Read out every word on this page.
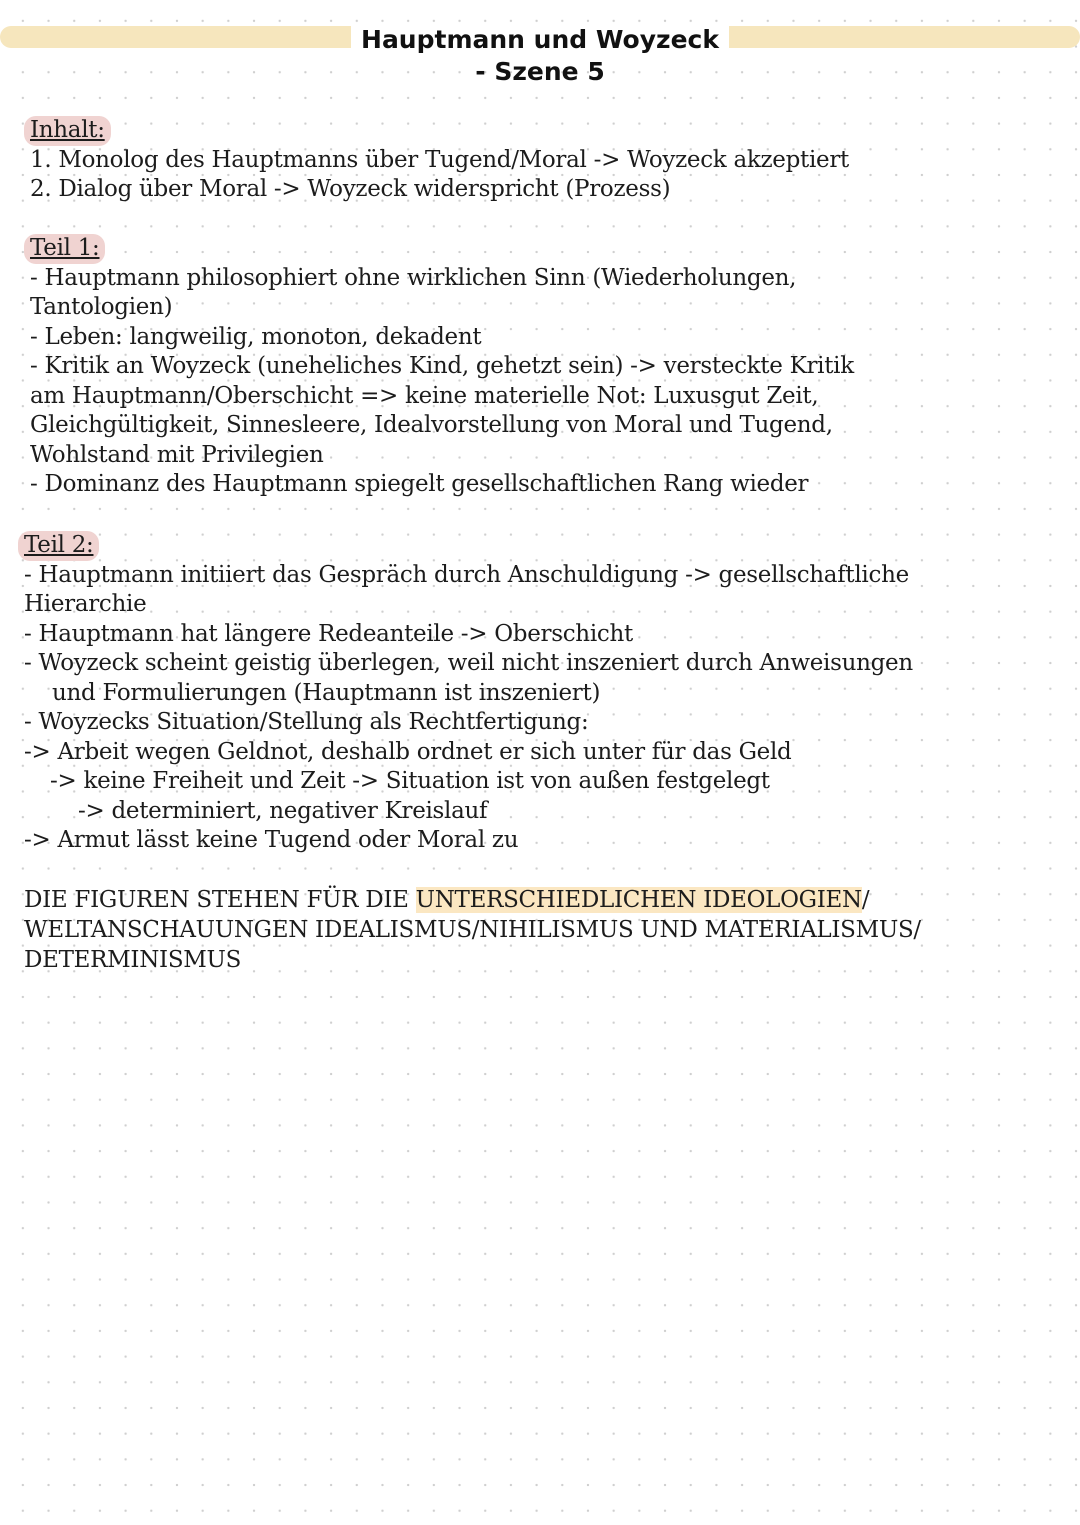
Hauptmann und Woyzeck
- Szene 5
Inhalt:
1. Monolog des Hauptmanns über Tugend/Moral -> Woyzeck akzeptiert
2. Dialog über Moral -> Woyzeck widerspricht (Prozess)
Teil 1:
- Hauptmann philosophiert ohne wirklichen Sinn (Wiederholungen,
Tantologien)
- Leben: langweilig, monoton, dekadent
- Kritik an Woyzeck (uneheliches Kind, gehetzt sein) -> versteckte Kritik
am Hauptmann/Oberschicht => keine materielle Not: Luxusgut Zeit,
Gleichgültigkeit, Sinnesleere, Idealvorstellung von Moral und Tugend,
Wohlstand mit Privilegien
- Dominanz des Hauptmann spiegelt gesellschaftlichen Rang wieder
Teil 2:
- Hauptmann initiiert das Gespräch durch Anschuldigung -> gesellschaftliche
Hierarchie
- Hauptmann hat längere Redeanteile -> Oberschicht
- Woyzeck scheint geistig überlegen, weil nicht inszeniert durch Anweisungen
und Formulierungen (Hauptmann ist inszeniert)
- Woyzecks Situation/Stellung als Rechtfertigung:
-> Arbeit wegen Geldnot, deshalb ordnet er sich unter für das Geld
-> keine Freiheit und Zeit -> Situation ist von außen festgelegt
-> determiniert, negativer Kreislauf
-> Armut lässt keine Tugend oder Moral zu
DIE FIGUREN STEHEN FÜR DIE UNTERSCHIEDLICHEN IDEOLOGIEN/
WELTANSCHAUUNGEN IDEALISMUS/NIHILISMUS UND MATERIALISMUS/
DETERMINISMUS
